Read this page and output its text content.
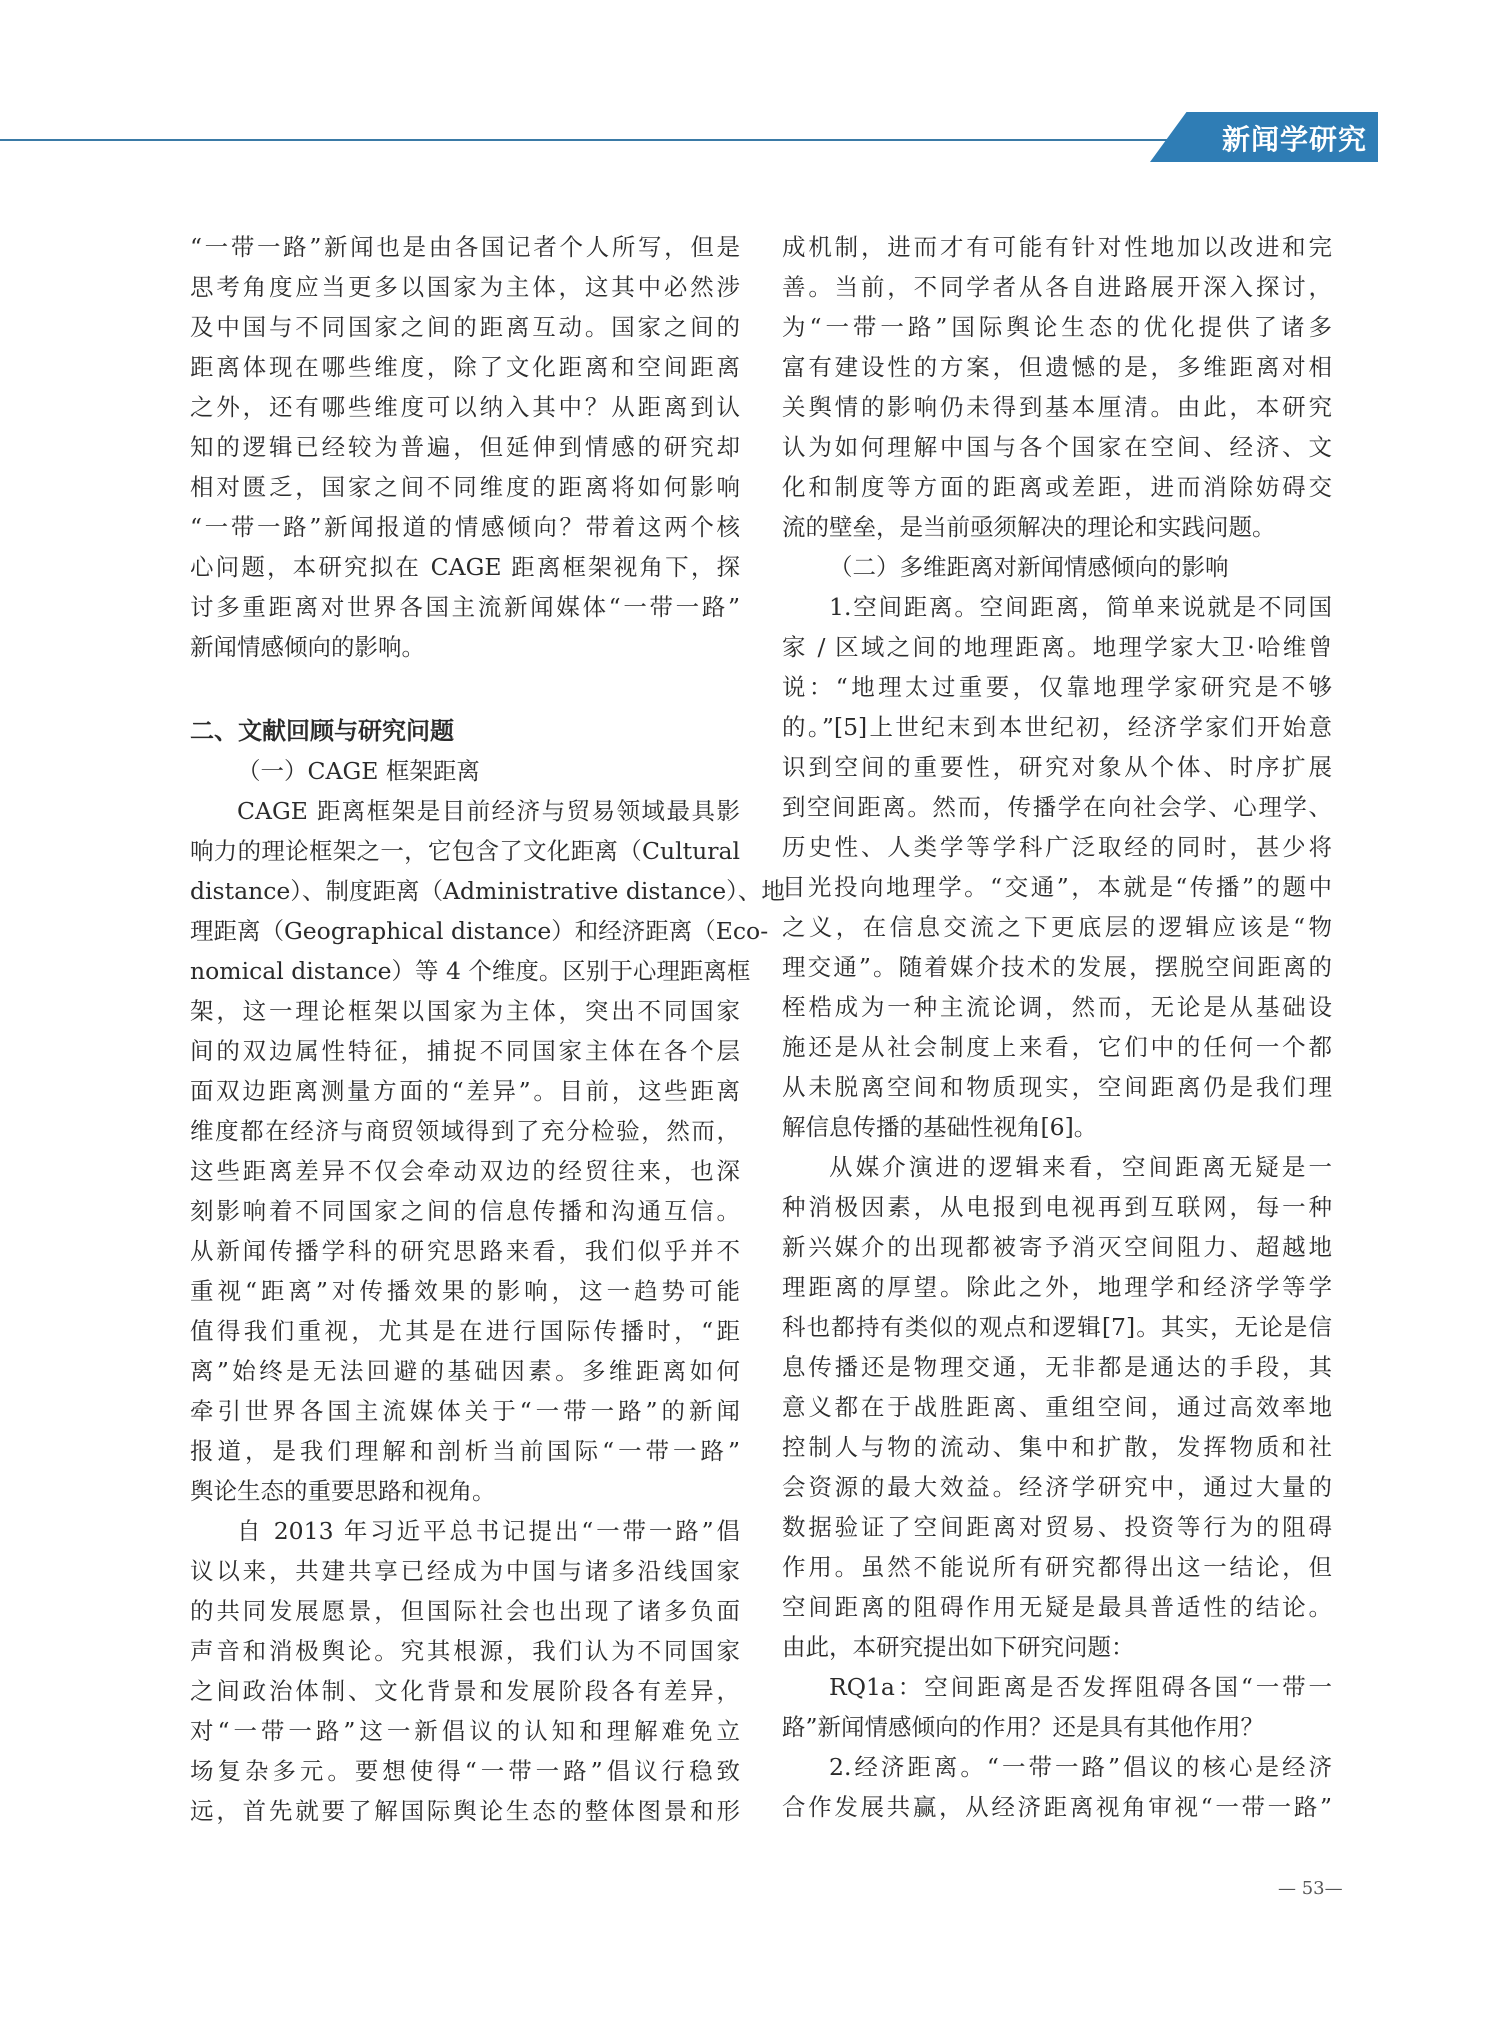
新闻学研究
“一带一路”新闻也是由各国记者个人所写，但是
思考角度应当更多以国家为主体，这其中必然涉
及中国与不同国家之间的距离互动。国家之间的
距离体现在哪些维度，除了文化距离和空间距离
之外，还有哪些维度可以纳入其中？从距离到认
知的逻辑已经较为普遍，但延伸到情感的研究却
相对匮乏，国家之间不同维度的距离将如何影响
“一带一路”新闻报道的情感倾向？带着这两个核
心问题，本研究拟在 CAGE 距离框架视角下，探
讨多重距离对世界各国主流新闻媒体“一带一路”
新闻情感倾向的影响。
二、文献回顾与研究问题
（一）CAGE 框架距离
CAGE 距离框架是目前经济与贸易领域最具影
响力的理论框架之一，它包含了文化距离（Cultural
distance）、制度距离（Administrative distance）、地
理距离（Geographical distance）和经济距离（Eco-
nomical distance）等 4 个维度。区别于心理距离框
架，这一理论框架以国家为主体，突出不同国家
间的双边属性特征，捕捉不同国家主体在各个层
面双边距离测量方面的“差异”。目前，这些距离
维度都在经济与商贸领域得到了充分检验，然而，
这些距离差异不仅会牵动双边的经贸往来，也深
刻影响着不同国家之间的信息传播和沟通互信。
从新闻传播学科的研究思路来看，我们似乎并不
重视“距离”对传播效果的影响，这一趋势可能
值得我们重视，尤其是在进行国际传播时，“距
离”始终是无法回避的基础因素。多维距离如何
牵引世界各国主流媒体关于“一带一路”的新闻
报道，是我们理解和剖析当前国际“一带一路”
舆论生态的重要思路和视角。
自 2013 年习近平总书记提出“一带一路”倡
议以来，共建共享已经成为中国与诸多沿线国家
的共同发展愿景，但国际社会也出现了诸多负面
声音和消极舆论。究其根源，我们认为不同国家
之间政治体制、文化背景和发展阶段各有差异，
对“一带一路”这一新倡议的认知和理解难免立
场复杂多元。要想使得“一带一路”倡议行稳致
远，首先就要了解国际舆论生态的整体图景和形
成机制，进而才有可能有针对性地加以改进和完
善。当前，不同学者从各自进路展开深入探讨，
为“一带一路”国际舆论生态的优化提供了诸多
富有建设性的方案，但遗憾的是，多维距离对相
关舆情的影响仍未得到基本厘清。由此，本研究
认为如何理解中国与各个国家在空间、经济、文
化和制度等方面的距离或差距，进而消除妨碍交
流的壁垒，是当前亟须解决的理论和实践问题。
（二）多维距离对新闻情感倾向的影响
1.空间距离。空间距离，简单来说就是不同国
家 / 区域之间的地理距离。地理学家大卫·哈维曾
说：“地理太过重要，仅靠地理学家研究是不够
的。”[5]上世纪末到本世纪初，经济学家们开始意
识到空间的重要性，研究对象从个体、时序扩展
到空间距离。然而，传播学在向社会学、心理学、
历史性、人类学等学科广泛取经的同时，甚少将
目光投向地理学。“交通”，本就是“传播”的题中
之义，在信息交流之下更底层的逻辑应该是“物
理交通”。随着媒介技术的发展，摆脱空间距离的
桎梏成为一种主流论调，然而，无论是从基础设
施还是从社会制度上来看，它们中的任何一个都
从未脱离空间和物质现实，空间距离仍是我们理
解信息传播的基础性视角[6]。
从媒介演进的逻辑来看，空间距离无疑是一
种消极因素，从电报到电视再到互联网，每一种
新兴媒介的出现都被寄予消灭空间阻力、超越地
理距离的厚望。除此之外，地理学和经济学等学
科也都持有类似的观点和逻辑[7]。其实，无论是信
息传播还是物理交通，无非都是通达的手段，其
意义都在于战胜距离、重组空间，通过高效率地
控制人与物的流动、集中和扩散，发挥物质和社
会资源的最大效益。经济学研究中，通过大量的
数据验证了空间距离对贸易、投资等行为的阻碍
作用。虽然不能说所有研究都得出这一结论，但
空间距离的阻碍作用无疑是最具普适性的结论。
由此，本研究提出如下研究问题：
RQ1a：空间距离是否发挥阻碍各国“一带一
路”新闻情感倾向的作用？还是具有其他作用？
2.经济距离。“一带一路”倡议的核心是经济
合作发展共赢，从经济距离视角审视“一带一路”
— 53—
